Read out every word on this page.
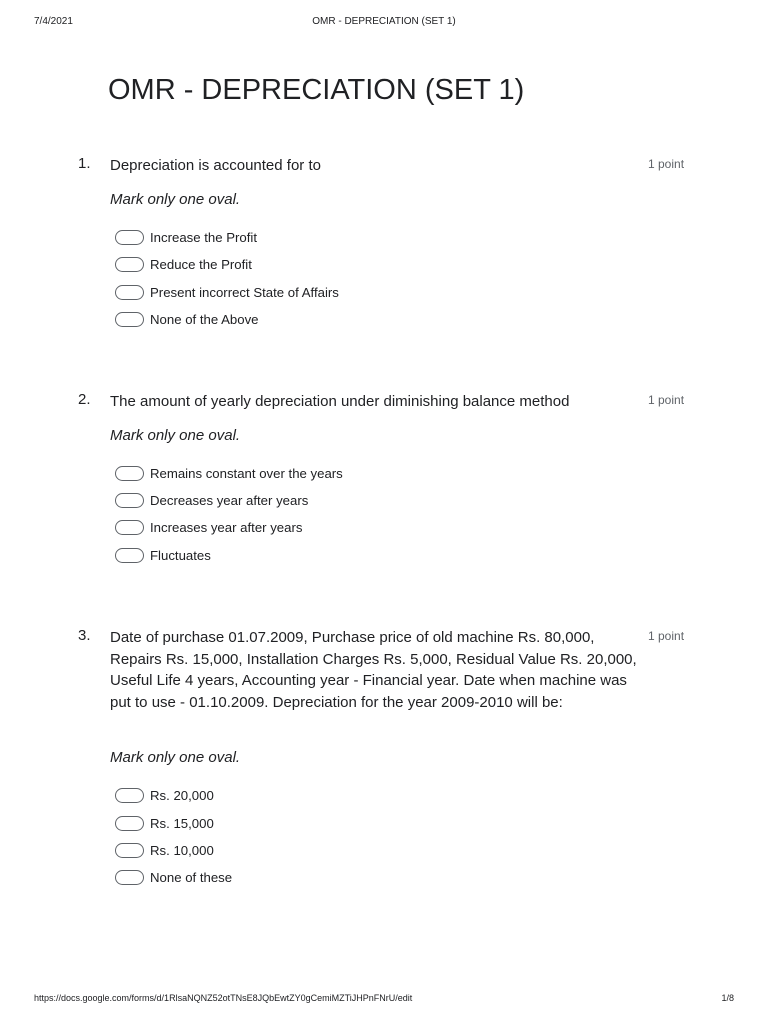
7/4/2021	OMR - DEPRECIATION (SET 1)
OMR - DEPRECIATION (SET 1)
1. Depreciation is accounted for to	1 point
Mark only one oval.
Increase the Profit
Reduce the Profit
Present incorrect State of Affairs
None of the Above
2. The amount of yearly depreciation under diminishing balance method	1 point
Mark only one oval.
Remains constant over the years
Decreases year after years
Increases year after years
Fluctuates
3. Date of purchase 01.07.2009, Purchase price of old machine Rs. 80,000, Repairs Rs. 15,000, Installation Charges Rs. 5,000, Residual Value Rs. 20,000, Useful Life 4 years, Accounting year - Financial year. Date when machine was put to use - 01.10.2009. Depreciation for the year 2009-2010 will be:
1 point
Mark only one oval.
Rs. 20,000
Rs. 15,000
Rs. 10,000
None of these
https://docs.google.com/forms/d/1RlsaNQNZ52otTNsE8JQbEwtZY0gCemiMZTiJHPnFNrU/edit	1/8
